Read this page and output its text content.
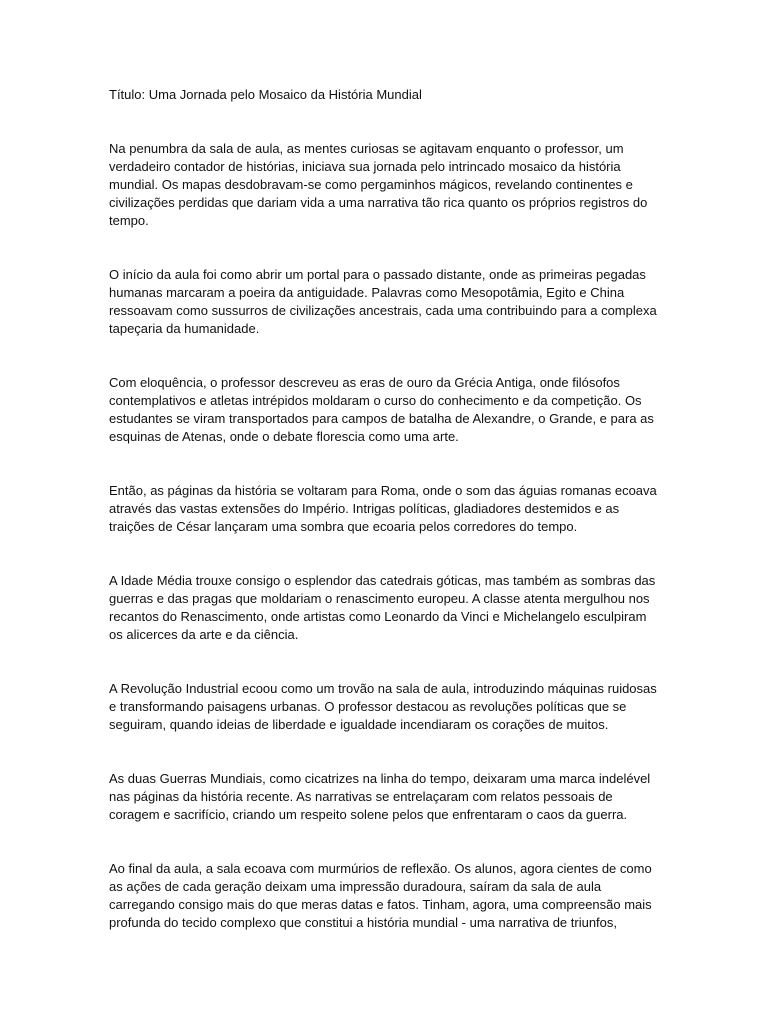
Título: Uma Jornada pelo Mosaico da História Mundial

Na penumbra da sala de aula, as mentes curiosas se agitavam enquanto o professor, um verdadeiro contador de histórias, iniciava sua jornada pelo intrincado mosaico da história mundial. Os mapas desdobravam-se como pergaminhos mágicos, revelando continentes e civilizações perdidas que dariam vida a uma narrativa tão rica quanto os próprios registros do tempo.

O início da aula foi como abrir um portal para o passado distante, onde as primeiras pegadas humanas marcaram a poeira da antiguidade. Palavras como Mesopotâmia, Egito e China ressoavam como sussurros de civilizações ancestrais, cada uma contribuindo para a complexa tapeçaria da humanidade.

Com eloquência, o professor descreveu as eras de ouro da Grécia Antiga, onde filósofos contemplativos e atletas intrépidos moldaram o curso do conhecimento e da competição. Os estudantes se viram transportados para campos de batalha de Alexandre, o Grande, e para as esquinas de Atenas, onde o debate florescia como uma arte.

Então, as páginas da história se voltaram para Roma, onde o som das águias romanas ecoava através das vastas extensões do Império. Intrigas políticas, gladiadores destemidos e as traições de César lançaram uma sombra que ecoaria pelos corredores do tempo.

A Idade Média trouxe consigo o esplendor das catedrais góticas, mas também as sombras das guerras e das pragas que moldariam o renascimento europeu. A classe atenta mergulhou nos recantos do Renascimento, onde artistas como Leonardo da Vinci e Michelangelo esculpiram os alicerces da arte e da ciência.

A Revolução Industrial ecoou como um trovão na sala de aula, introduzindo máquinas ruidosas e transformando paisagens urbanas. O professor destacou as revoluções políticas que se seguiram, quando ideias de liberdade e igualdade incendiaram os corações de muitos.

As duas Guerras Mundiais, como cicatrizes na linha do tempo, deixaram uma marca indelével nas páginas da história recente. As narrativas se entrelaçaram com relatos pessoais de coragem e sacrifício, criando um respeito solene pelos que enfrentaram o caos da guerra.

Ao final da aula, a sala ecoava com murmúrios de reflexão. Os alunos, agora cientes de como as ações de cada geração deixam uma impressão duradoura, saíram da sala de aula carregando consigo mais do que meras datas e fatos. Tinham, agora, uma compreensão mais profunda do tecido complexo que constitui a história mundial - uma narrativa de triunfos,
